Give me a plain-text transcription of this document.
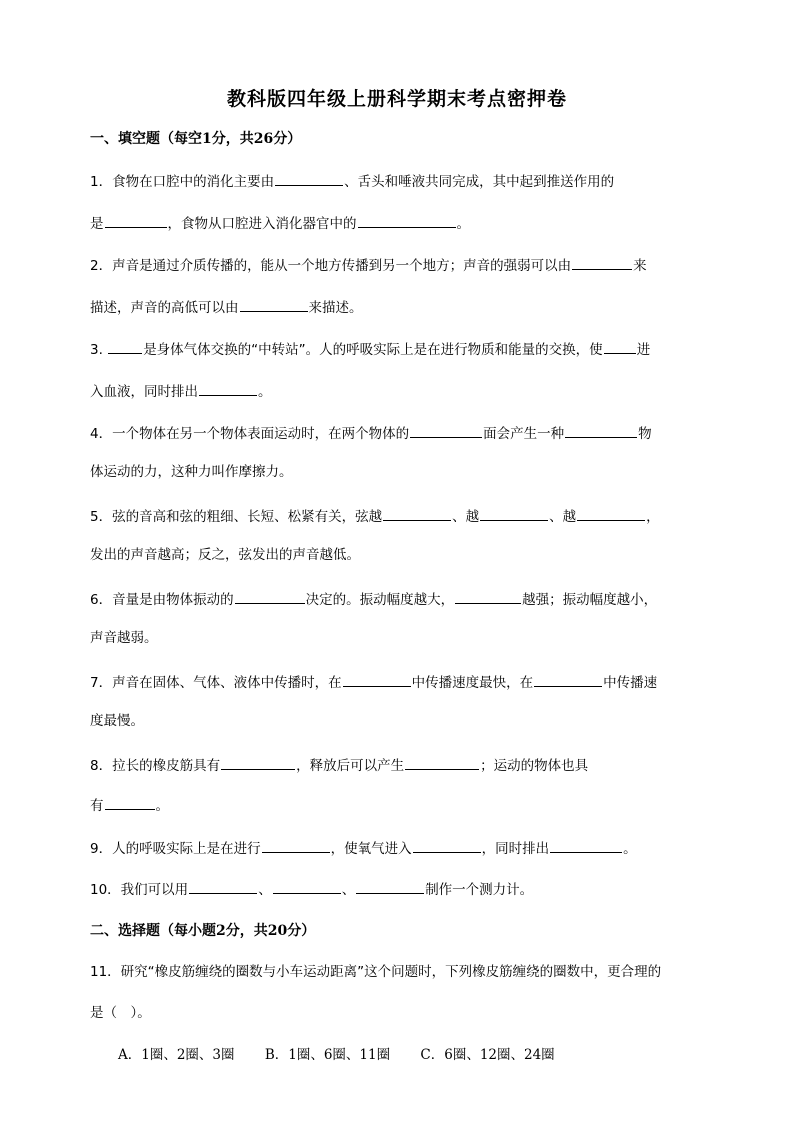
教科版四年级上册科学期末考点密押卷
一、填空题（每空1分，共26分）
1．食物在口腔中的消化主要由	、舌头和唾液共同完成，其中起到推送作用的
是	，食物从口腔进入消化器官中的	。
2．声音是通过介质传播的，能从一个地方传播到另一个地方；声音的强弱可以由	来
描述，声音的高低可以由	来描述。
3.	是身体气体交换的“中转站”。人的呼吸实际上是在进行物质和能量的交换，使	进
入血液，同时排出	。
4．一个物体在另一个物体表面运动时，在两个物体的	面会产生一种	物
体运动的力，这种力叫作摩擦力。
5．弦的音高和弦的粗细、长短、松紧有关，弦越	、越	、越	，
发出的声音越高；反之，弦发出的声音越低。
6．音量是由物体振动的	决定的。振动幅度越大，	越强；振动幅度越小，
声音越弱。
7．声音在固体、气体、液体中传播时，在	中传播速度最快，在	中传播速
度最慢。
8．拉长的橡皮筋具有	，释放后可以产生	；运动的物体也具
有	。
9．人的呼吸实际上是在进行	，使氧气进入	，同时排出	。
10．我们可以用	、	、	制作一个测力计。
二、选择题（每小题2分，共20分）
11．研究“橡皮筋缠绕的圈数与小车运动距离”这个问题时，下列橡皮筋缠绕的圈数中，更合理的
是（　）。
A．1圈、2圈、3圈 B．1圈、6圈、11圈 C．6圈、12圈、24圈
